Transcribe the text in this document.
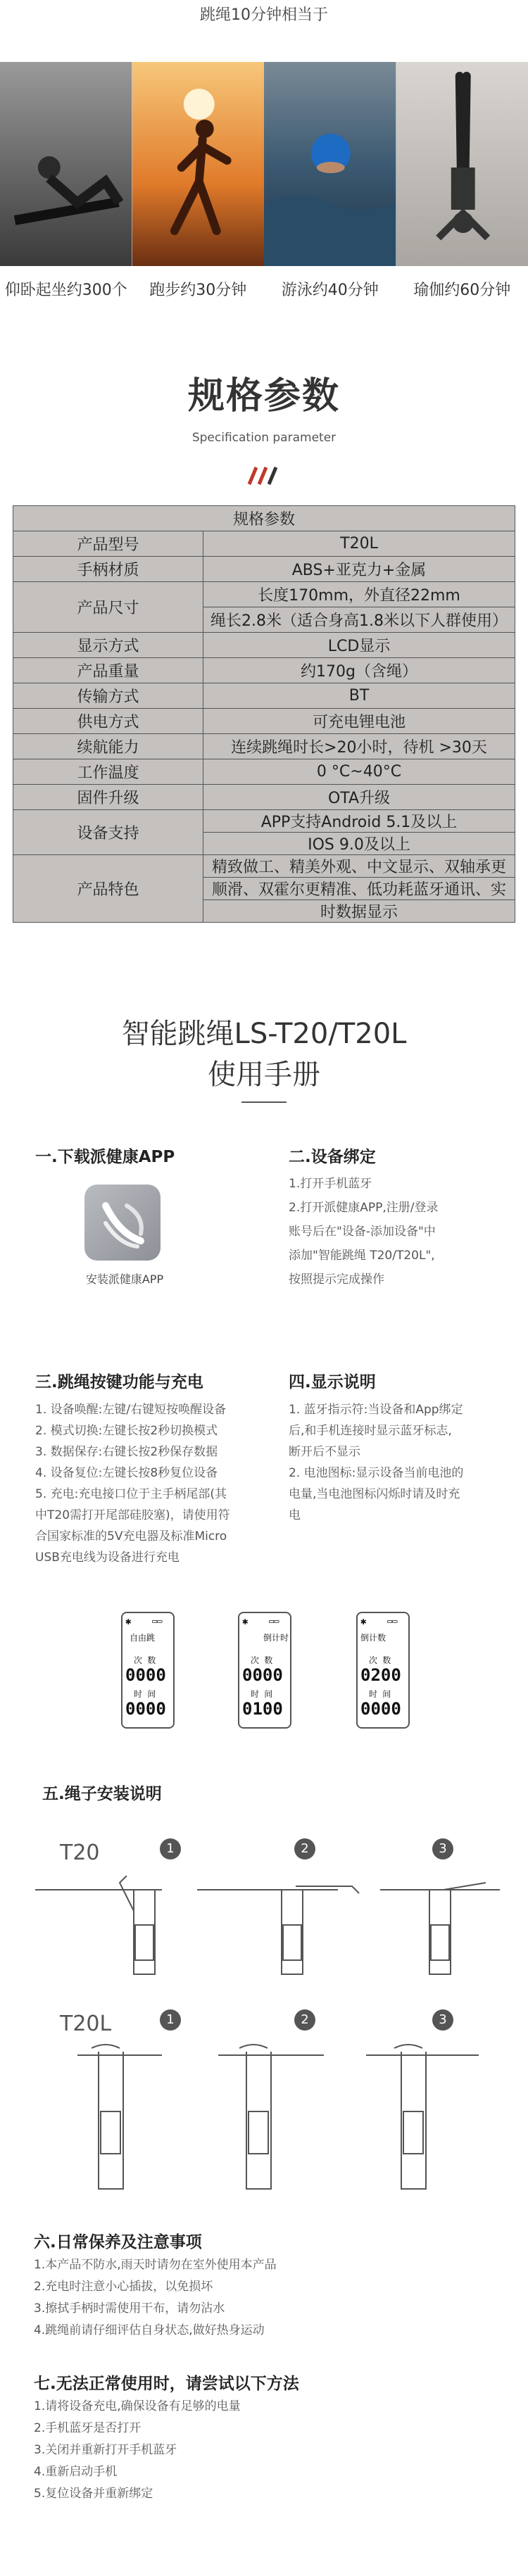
跳绳10分钟相当于
仰卧起坐约300个	跑步约30分钟	游泳约40分钟	瑜伽约60分钟
规格参数
Specification parameter
规格参数	
产品型号	T20L
手柄材质	ABS+亚克力+金属
产品尺寸	长度170mm，外直径22mm
	绳长2.8米（适合身高1.8米以下人群使用）
显示方式	LCD显示
产品重量	约170g（含绳）
传输方式	BT
供电方式	可充电锂电池
续航能力	连续跳绳时长>20小时，待机 >30天
工作温度	0 °C~40°C
固件升级	OTA升级
设备支持	APP支持Android 5.1及以上
	IOS 9.0及以上
产品特色	精致做工、精美外观、中文显示、双轴承更
	顺滑、双霍尔更精准、低功耗蓝牙通讯、实
	时数据显示
智能跳绳LS-T20/T20L
使用手册
一.下载派健康APP
安装派健康APP
二.设备绑定
1.打开手机蓝牙
2.打开派健康APP,注册/登录
账号后在"设备-添加设备"中
添加"智能跳绳 T20/T20L",
按照提示完成操作
三.跳绳按键功能与充电
1. 设备唤醒:左键/右键短按唤醒设备
2. 模式切换:左键长按2秒切换模式
3. 数据保存:右键长按2秒保存数据
4. 设备复位:左键长按8秒复位设备
5. 充电:充电接口位于主手柄尾部(其
中T20需打开尾部硅胶塞)，请使用符
合国家标准的5V充电器及标准Micro
USB充电线为设备进行充电
四.显示说明
1. 蓝牙指示符:当设备和App绑定
后,和手机连接时显示蓝牙标志,
断开后不显示
2. 电池图标:显示设备当前电池的
电量,当电池图标闪烁时请及时充
电
✱ ▭▭
自由跳
次 数
0000
时 间
0000
✱ ▭▭
倒计时
次 数
0000
时 间
0100
✱ ▭▭
倒计数
次 数
0200
时 间
0000
五.绳子安装说明
T20	1	2	3
T20L	1	2	3
六.日常保养及注意事项
1.本产品不防水,雨天时请勿在室外使用本产品
2.充电时注意小心插拔，以免损坏
3.擦拭手柄时需使用干布，请勿沾水
4.跳绳前请仔细评估自身状态,做好热身运动
七.无法正常使用时，请尝试以下方法
1.请将设备充电,确保设备有足够的电量
2.手机蓝牙是否打开
3.关闭并重新打开手机蓝牙
4.重新启动手机
5.复位设备并重新绑定
